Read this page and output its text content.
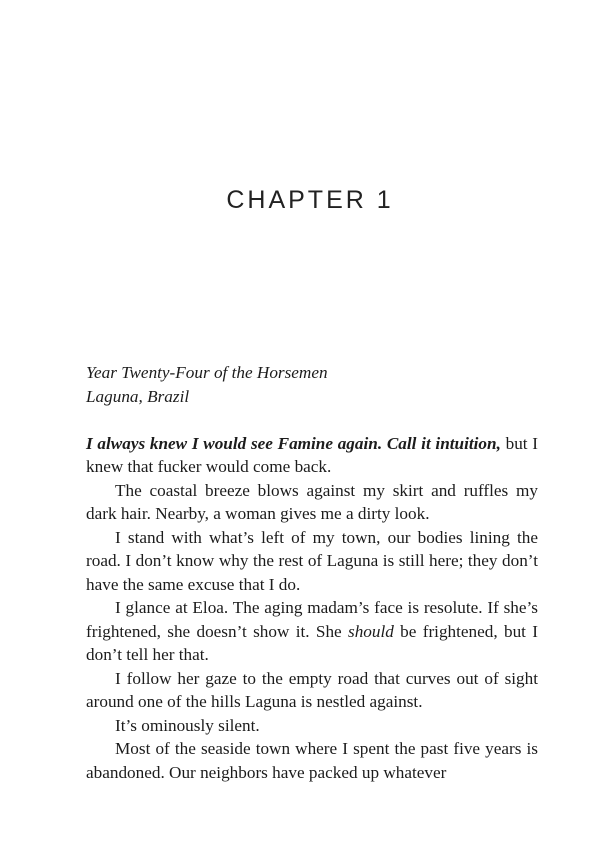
CHAPTER 1
Year Twenty-Four of the Horsemen
Laguna, Brazil

I always knew I would see Famine again. Call it intuition, but I knew that fucker would come back.

The coastal breeze blows against my skirt and ruffles my dark hair. Nearby, a woman gives me a dirty look.

I stand with what’s left of my town, our bodies lining the road. I don’t know why the rest of Laguna is still here; they don’t have the same excuse that I do.

I glance at Eloa. The aging madam’s face is resolute. If she’s frightened, she doesn’t show it. She should be frightened, but I don’t tell her that.

I follow her gaze to the empty road that curves out of sight around one of the hills Laguna is nestled against.

It’s ominously silent.

Most of the seaside town where I spent the past five years is abandoned. Our neighbors have packed up whatever
